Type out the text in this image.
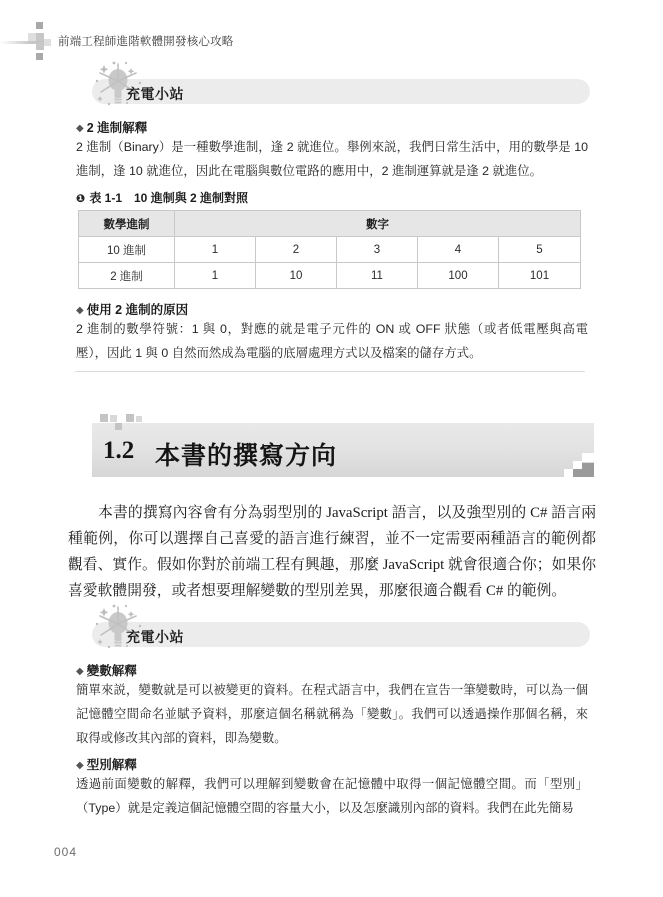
前端工程師進階軟體開發核心攻略
充電小站
◆ 2 進制解釋
2 進制（Binary）是一種數學進制，逢 2 就進位。舉例來説，我們日常生活中，用的數學是 10 進制，逢 10 就進位，因此在電腦與數位電路的應用中，2 進制運算就是逢 2 就進位。
❶ 表 1-1　10 進制與 2 進制對照
數學進制	數字				
10 進制	1	2	3	4	5
2 進制	1	10	11	100	101
◆ 使用 2 進制的原因
2 進制的數學符號：1 與 0，對應的就是電子元件的 ON 或 OFF 狀態（或者低電壓與高電壓），因此 1 與 0 自然而然成為電腦的底層處理方式以及檔案的儲存方式。
1.2 本書的撰寫方向
本書的撰寫內容會有分為弱型別的 JavaScript 語言，以及強型別的 C# 語言兩種範例，你可以選擇自己喜愛的語言進行練習，並不一定需要兩種語言的範例都觀看、實作。假如你對於前端工程有興趣，那麼 JavaScript 就會很適合你；如果你喜愛軟體開發，或者想要理解變數的型別差異，那麼很適合觀看 C# 的範例。
充電小站
◆ 變數解釋
簡單來説，變數就是可以被變更的資料。在程式語言中，我們在宣告一筆變數時，可以為一個記憶體空間命名並賦予資料，那麼這個名稱就稱為「變數」。我們可以透過操作那個名稱，來取得或修改其內部的資料，即為變數。
◆ 型別解釋
透過前面變數的解釋，我們可以理解到變數會在記憶體中取得一個記憶體空間。而「型別」（Type）就是定義這個記憶體空間的容量大小，以及怎麼識別內部的資料。我們在此先簡易
004
